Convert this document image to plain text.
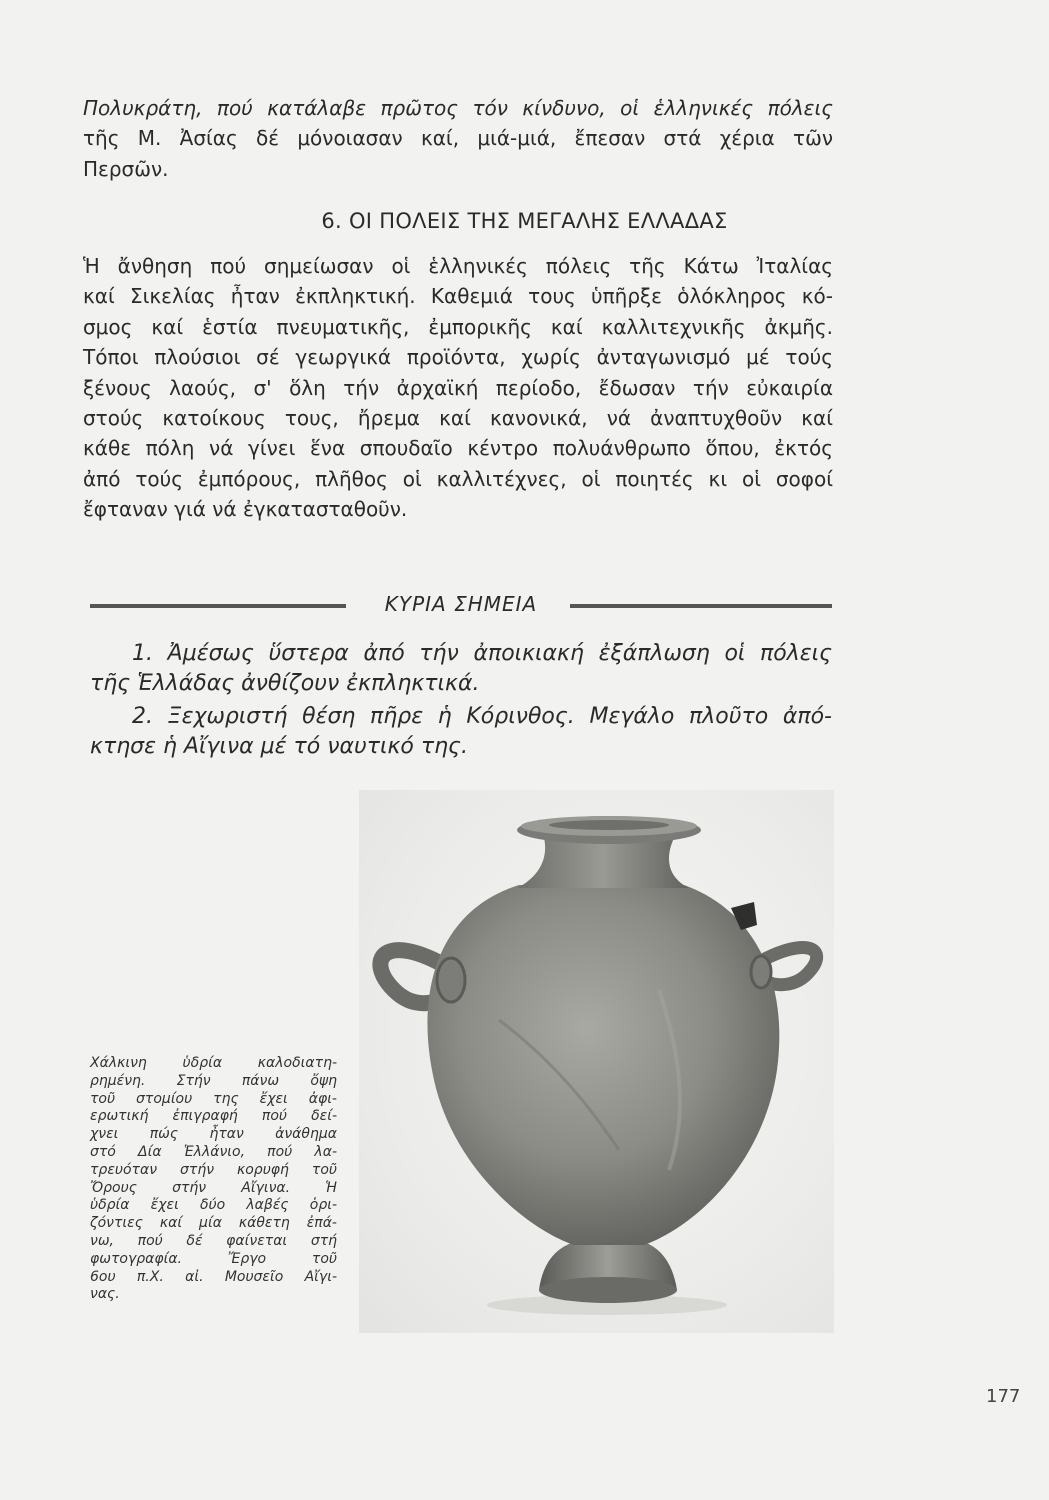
Πολυκράτη, πού κατάλαβε πρῶτος τόν κίνδυνο, οἱ ἑλληνικές πόλεις
τῆς Μ. Ἀσίας δέ μόνοιασαν καί, μιά-μιά, ἔπεσαν στά χέρια τῶν
Περσῶν.

6. ΟΙ ΠΟΛΕΙΣ ΤΗΣ ΜΕΓΑΛΗΣ ΕΛΛΑΔΑΣ

Ἡ ἄνθηση πού σημείωσαν οἱ ἑλληνικές πόλεις τῆς Κάτω Ἰταλίας
καί Σικελίας ἦταν ἐκπληκτική. Καθεμιά τους ὑπῆρξε ὁλόκληρος κό-
σμος καί ἑστία πνευματικῆς, ἐμπορικῆς καί καλλιτεχνικῆς ἀκμῆς.
Τόποι πλούσιοι σέ γεωργικά προϊόντα, χωρίς ἀνταγωνισμό μέ τούς
ξένους λαούς, σ' ὅλη τήν ἀρχαϊκή περίοδο, ἔδωσαν τήν εὐκαιρία
στούς κατοίκους τους, ἤρεμα καί κανονικά, νά ἀναπτυχθοῦν καί
κάθε πόλη νά γίνει ἕνα σπουδαῖο κέντρο πολυάνθρωπο ὅπου, ἐκτός
ἀπό τούς ἐμπόρους, πλῆθος οἱ καλλιτέχνες, οἱ ποιητές κι οἱ σοφοί
ἔφταναν γιά νά ἐγκατασταθοῦν.

ΚΥΡΙΑ ΣΗΜΕΙΑ
1. Ἀμέσως ὕστερα ἀπό τήν ἀποικιακή ἐξάπλωση οἱ πόλεις
τῆς Ἑλλάδας ἀνθίζουν ἐκπληκτικά.
2. Ξεχωριστή θέση πῆρε ἡ Κόρινθος. Μεγάλο πλοῦτο ἀπό-
κτησε ἡ Αἴγινα μέ τό ναυτικό της.
Χάλκινη ὑδρία καλοδιατη-
ρημένη. Στήν πάνω ὄψη
τοῦ στομίου της ἔχει ἀφι-
ερωτική ἐπιγραφή πού δεί-
χνει πώς ἦταν ἀνάθημα
στό Δία Ἑλλάνιο, πού λα-
τρευόταν στήν κορυφή τοῦ
Ὄρους στήν Αἴγινα. Ἡ
ὑδρία ἔχει δύο λαβές ὁρι-
ζόντιες καί μία κάθετη ἐπά-
νω, πού δέ φαίνεται στή
φωτογραφία. Ἔργο τοῦ
6ου π.Χ. αἰ. Μουσεῖο Αἴγι-
νας.
177
